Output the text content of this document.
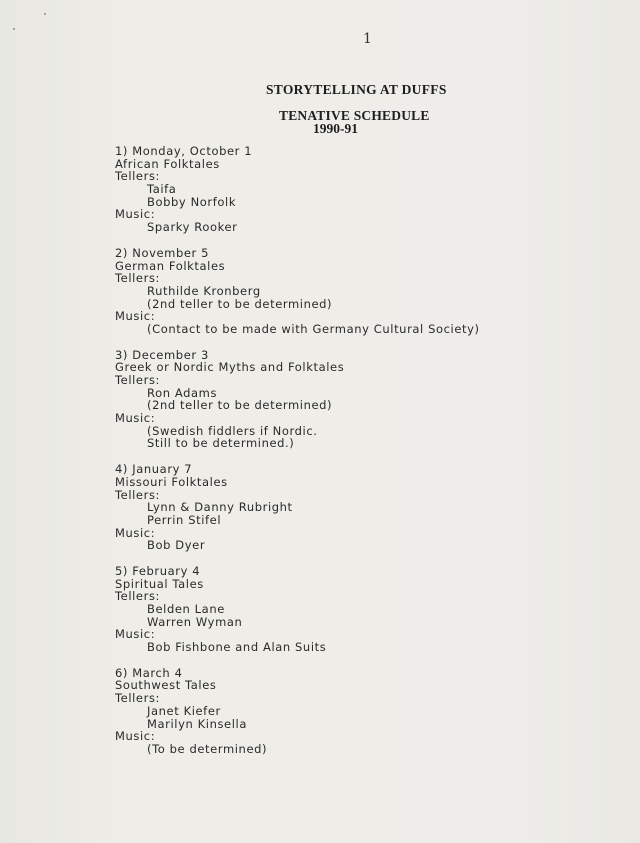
1
STORYTELLING AT DUFFS
TENATIVE SCHEDULE
1990-91
1) Monday, October 1
African Folktales
Tellers:
Taifa
Bobby Norfolk
Music:
Sparky Rooker
2) November 5
German Folktales
Tellers:
Ruthilde Kronberg
(2nd teller to be determined)
Music:
(Contact to be made with Germany Cultural Society)
3) December 3
Greek or Nordic Myths and Folktales
Tellers:
Ron Adams
(2nd teller to be determined)
Music:
(Swedish fiddlers if Nordic.
Still to be determined.)
4) January 7
Missouri Folktales
Tellers:
Lynn & Danny Rubright
Perrin Stifel
Music:
Bob Dyer
5) February 4
Spiritual Tales
Tellers:
Belden Lane
Warren Wyman
Music:
Bob Fishbone and Alan Suits
6) March 4
Southwest Tales
Tellers:
Janet Kiefer
Marilyn Kinsella
Music:
(To be determined)
